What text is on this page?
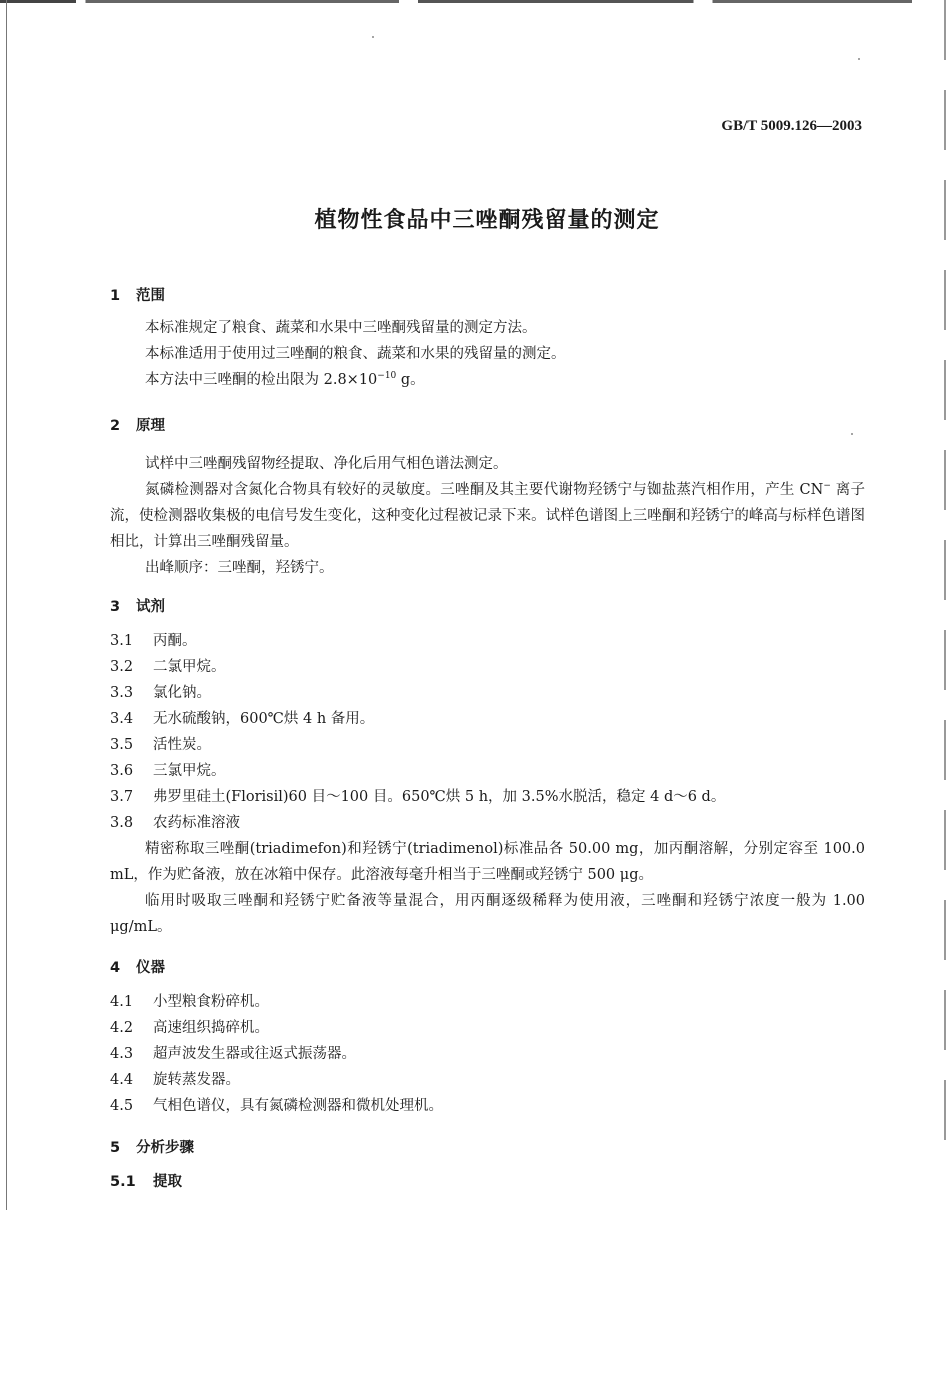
GB/T 5009.126—2003
植物性食品中三唑酮残留量的测定
1 范围

本标准规定了粮食、蔬菜和水果中三唑酮残留量的测定方法。

本标准适用于使用过三唑酮的粮食、蔬菜和水果的残留量的测定。

本方法中三唑酮的检出限为 $2.8\times 10^{-10}$ g。

2 原理

试样中三唑酮残留物经提取、净化后用气相色谱法测定。

氮磷检测器对含氮化合物具有较好的灵敏度。三唑酮及其主要代谢物羟锈宁与铷盐蒸汽相作用，产生 CN− 离子流，使检测器收集极的电信号发生变化，这种变化过程被记录下来。试样色谱图上三唑酮和羟锈宁的峰高与标样色谱图相比，计算出三唑酮残留量。

出峰顺序：三唑酮，羟锈宁。

3 试剂

3.1 丙酮。

3.2 二氯甲烷。

3.3 氯化钠。

3.4 无水硫酸钠，600℃烘 4 h 备用。

3.5 活性炭。

3.6 三氯甲烷。

3.7 弗罗里硅土(Florisil)60 目～100 目。650℃烘 5 h，加 3.5%水脱活，稳定 4 d～6 d。

3.8 农药标准溶液

精密称取三唑酮(triadimefon)和羟锈宁(triadimenol)标准品各 50.00 mg，加丙酮溶解，分别定容至 100.0 mL，作为贮备液，放在冰箱中保存。此溶液每毫升相当于三唑酮或羟锈宁 500 μg。

临用时吸取三唑酮和羟锈宁贮备液等量混合，用丙酮逐级稀释为使用液，三唑酮和羟锈宁浓度一般为 1.00 μg/mL。

4 仪器

4.1 小型粮食粉碎机。

4.2 高速组织捣碎机。

4.3 超声波发生器或往返式振荡器。

4.4 旋转蒸发器。

4.5 气相色谱仪，具有氮磷检测器和微机处理机。

5 分析步骤
5.1 提取
